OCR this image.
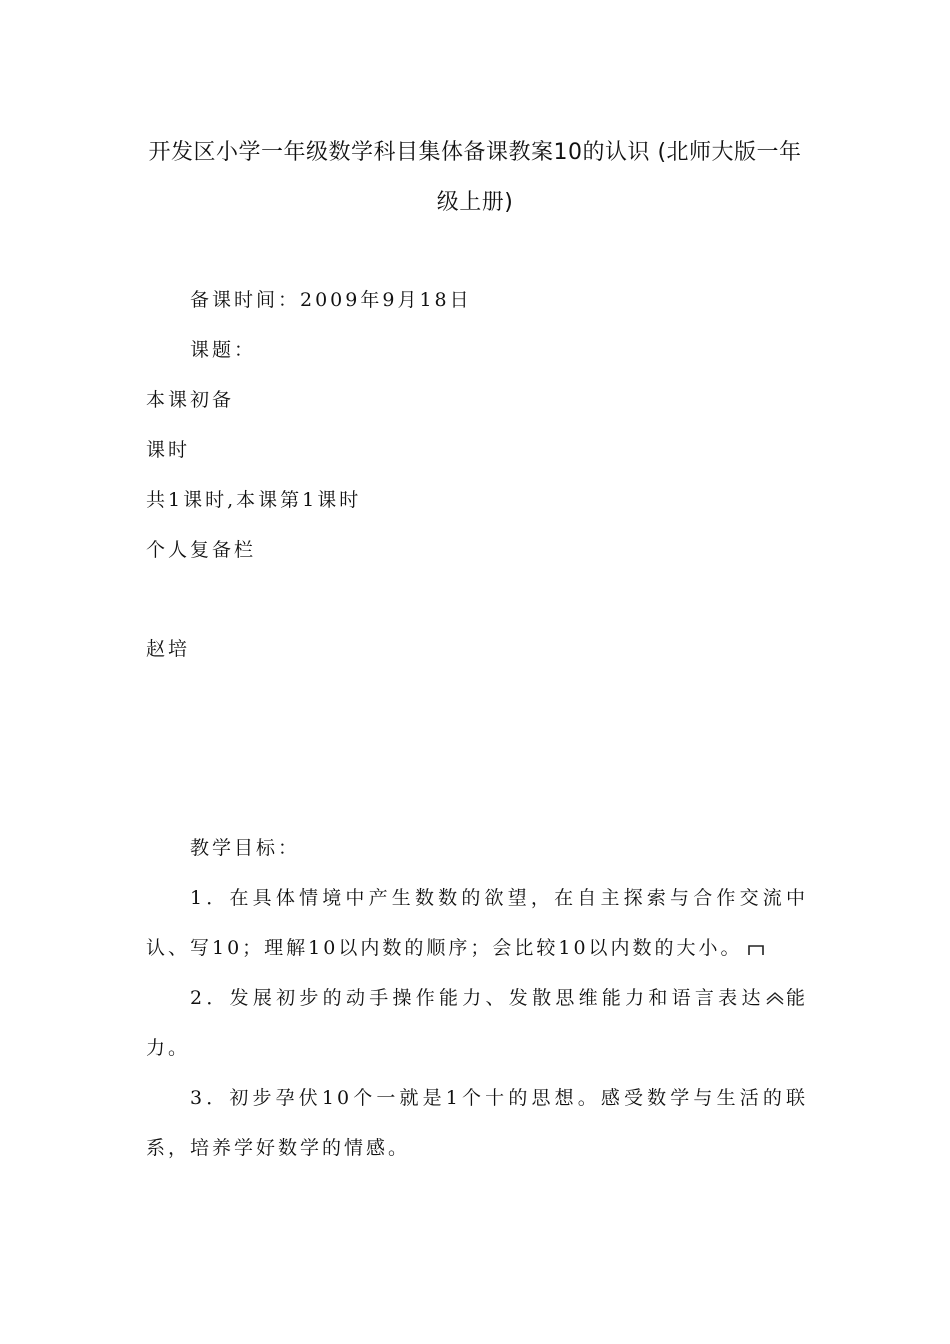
开发区小学一年级数学科目集体备课教案10的认识 (北师大版一年级上册)
备课时间：2009年9月18日
课题：
本课初备
课时
共1课时,本课第1课时
个人复备栏
赵培
教学目标：
1．在具体情境中产生数数的欲望，在自主探索与合作交流中认、写10；理解10以内数的顺序；会比较10以内数的大小。
2．发展初步的动手操作能力、发散思维能力和语言表达 能力。
3．初步孕伏10个一就是1个十的思想。感受数学与生活的联系，培养学好数学的情感。
